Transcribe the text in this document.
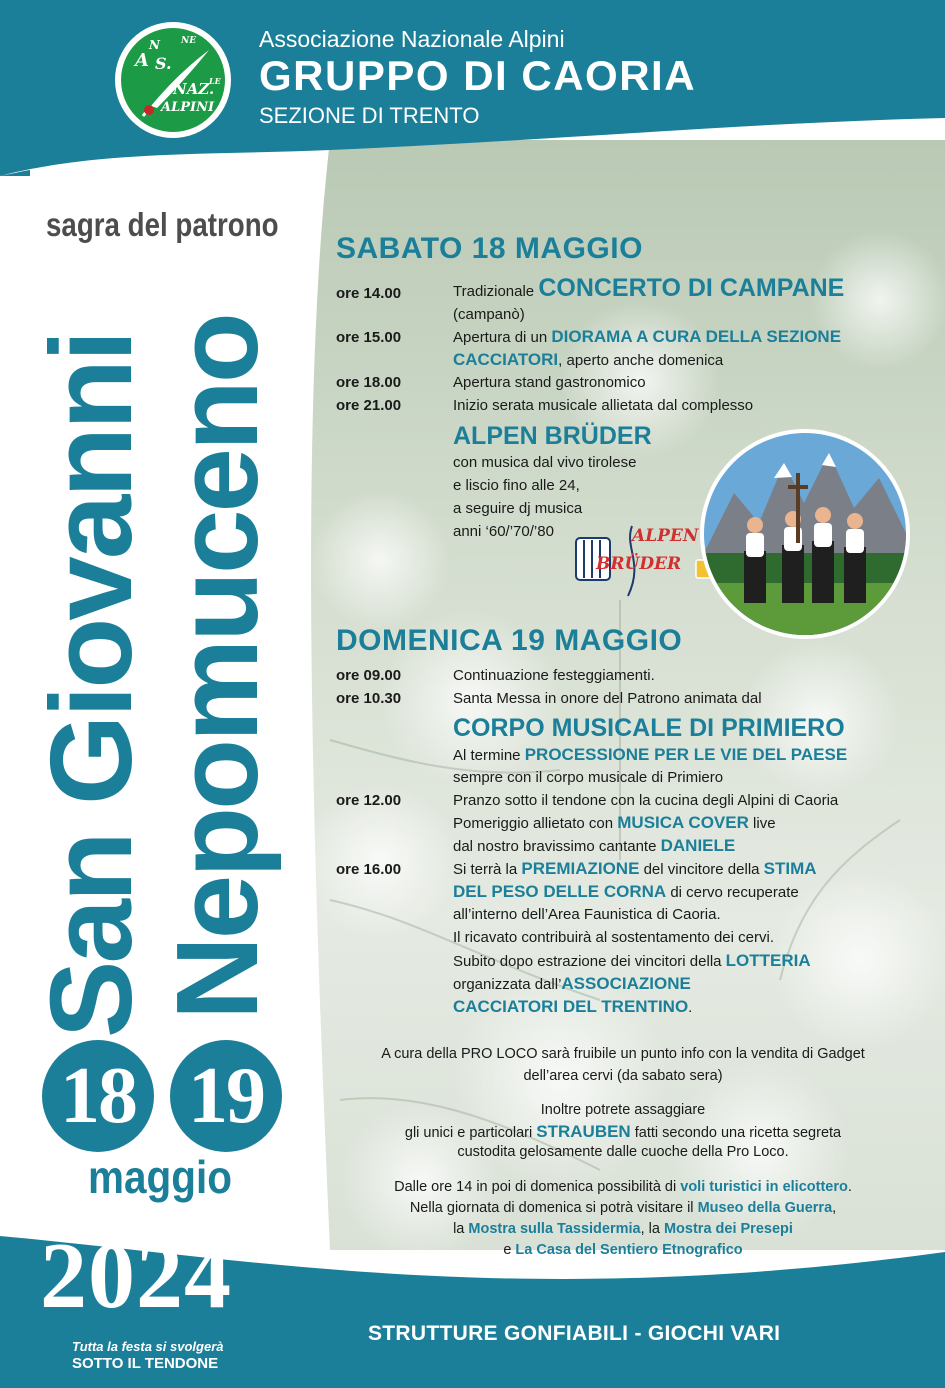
A
N
S.
NE
NAZ.
LE
ALPINI
Associazione Nazionale Alpini
GRUPPO DI CAORIA
SEZIONE DI TRENTO
sagra del patrono
San Giovanni
Nepomuceno
18 19
maggio
2024
Tutta la festa si svolgerà
SOTTO IL TENDONE
STRUTTURE GONFIABILI - GIOCHI VARI
SABATO 18 MAGGIO
ore 14.00	Tradizionale CONCERTO DI CAMPANE
(campanò)
ore 15.00	Apertura di un DIORAMA A CURA DELLA SEZIONE
CACCIATORI, aperto anche domenica
ore 18.00	Apertura stand gastronomico
ore 21.00	Inizio serata musicale allietata dal complesso
ALPEN BRÜDER
con musica dal vivo tirolese
e liscio fino alle 24,
a seguire dj musica
anni ‘60/’70/’80	ALPEN
BRÜDER
DOMENICA 19 MAGGIO
ore 09.00	Continuazione festeggiamenti.
ore 10.30	Santa Messa in onore del Patrono animata dal
CORPO MUSICALE DI PRIMIERO
Al termine PROCESSIONE PER LE VIE DEL PAESE
sempre con il corpo musicale di Primiero
ore 12.00	Pranzo sotto il tendone con la cucina degli Alpini di Caoria
Pomeriggio allietato con MUSICA COVER live
dal nostro bravissimo cantante DANIELE
ore 16.00	Si terrà la PREMIAZIONE del vincitore della STIMA
DEL PESO DELLE CORNA di cervo recuperate
all’interno dell’Area Faunistica di Caoria.
Il ricavato contribuirà al sostentamento dei cervi.
Subito dopo estrazione dei vincitori della LOTTERIA
organizzata dall’ASSOCIAZIONE
CACCIATORI DEL TRENTINO.
A cura della PRO LOCO sarà fruibile un punto info con la vendita di Gadget
dell’area cervi (da sabato sera)
Inoltre potrete assaggiare
gli unici e particolari STRAUBEN fatti secondo una ricetta segreta
custodita gelosamente dalle cuoche della Pro Loco.
Dalle ore 14 in poi di domenica possibilità di voli turistici in elicottero.
Nella giornata di domenica si potrà visitare il Museo della Guerra,
la Mostra sulla Tassidermia, la Mostra dei Presepi
e La Casa del Sentiero Etnografico
